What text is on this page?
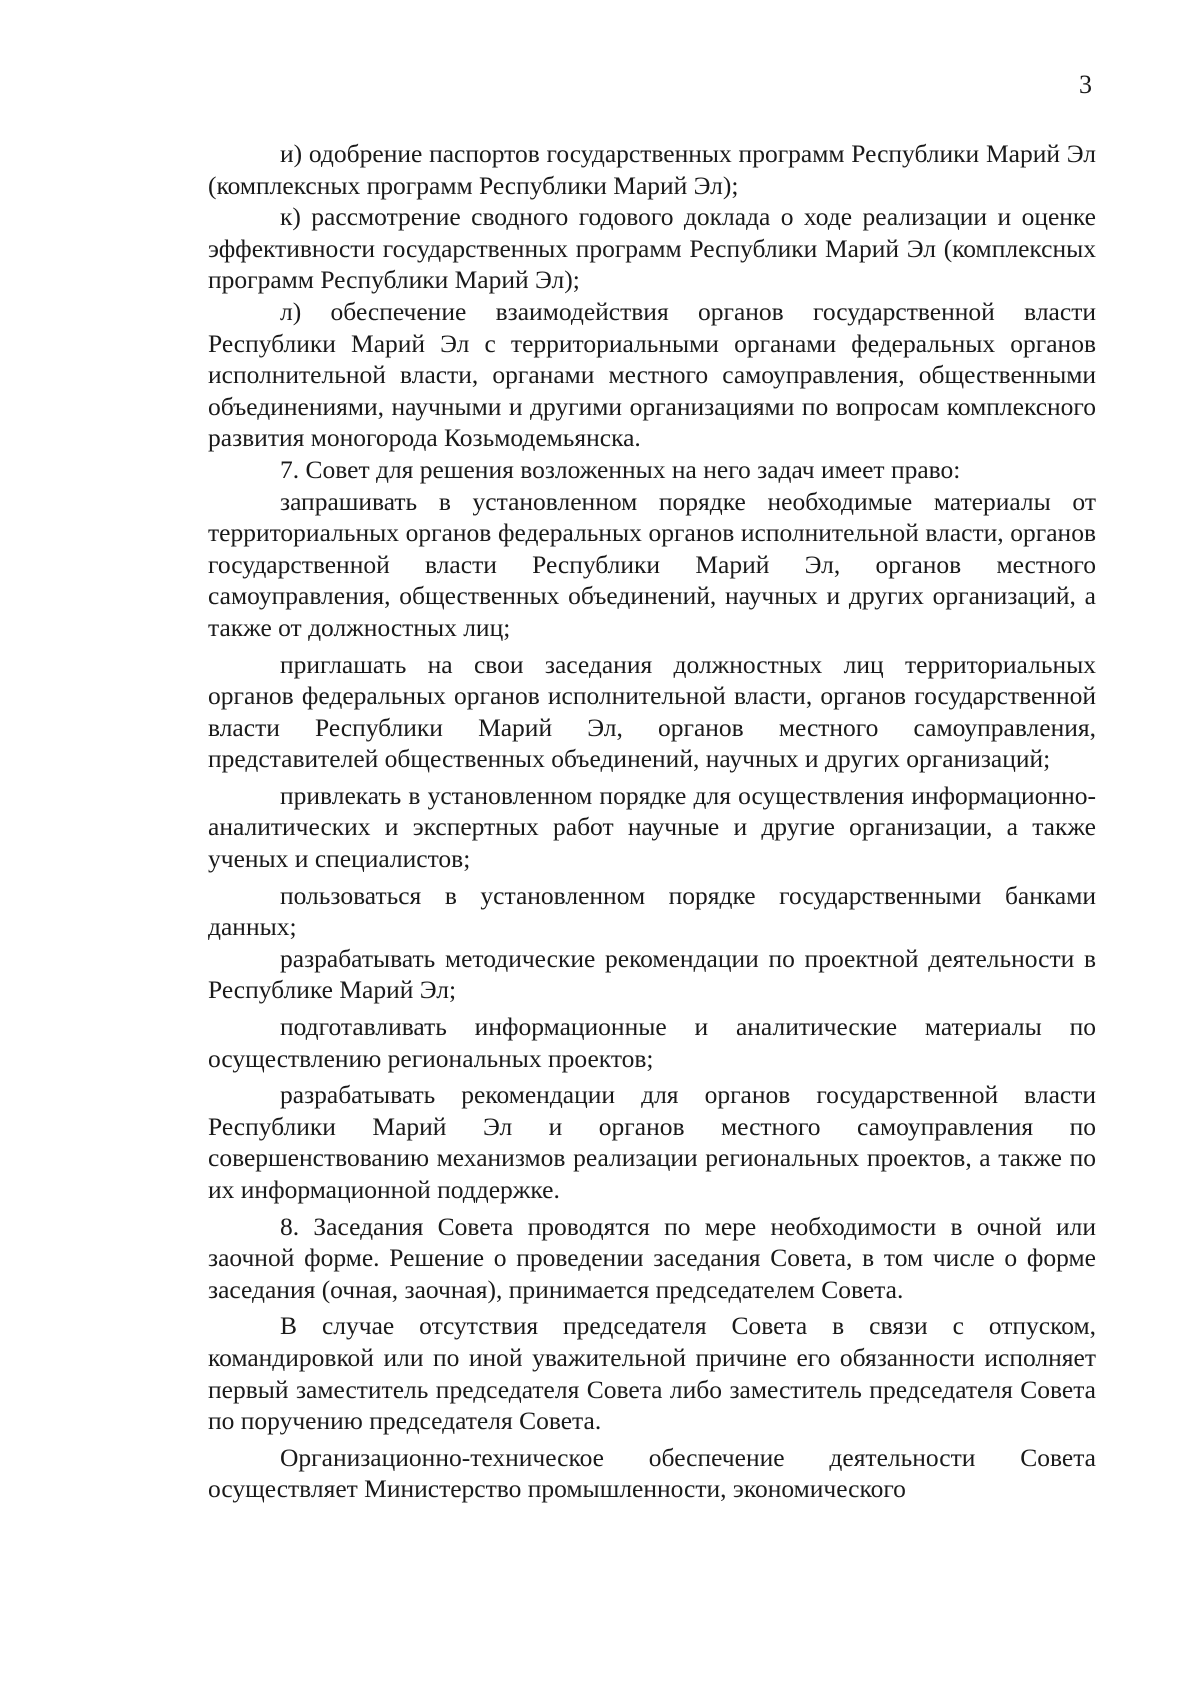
3

и) одобрение паспортов государственных программ Республики Марий Эл (комплексных программ Республики Марий Эл);

к) рассмотрение сводного годового доклада о ходе реализации и оценке эффективности государственных программ Республики Марий Эл (комплексных программ Республики Марий Эл);

л) обеспечение взаимодействия органов государственной власти Республики Марий Эл с территориальными органами федеральных органов исполнительной власти, органами местного самоуправления, общественными объединениями, научными и другими организациями по вопросам комплексного развития моногорода Козьмодемьянска.

7. Совет для решения возложенных на него задач имеет право:

запрашивать в установленном порядке необходимые материалы от территориальных органов федеральных органов исполнительной власти, органов государственной власти Республики Марий Эл, органов местного самоуправления, общественных объединений, научных и других организаций, а также от должностных лиц;

приглашать на свои заседания должностных лиц территориальных органов федеральных органов исполнительной власти, органов государственной власти Республики Марий Эл, органов местного самоуправления, представителей общественных объединений, научных и других организаций;

привлекать в установленном порядке для осуществления информационно-аналитических и экспертных работ научные и другие организации, а также ученых и специалистов;

пользоваться в установленном порядке государственными банками данных;

разрабатывать методические рекомендации по проектной деятельности в Республике Марий Эл;

подготавливать информационные и аналитические материалы по осуществлению региональных проектов;

разрабатывать рекомендации для органов государственной власти Республики Марий Эл и органов местного самоуправления по совершенствованию механизмов реализации региональных проектов, а также по их информационной поддержке.

8. Заседания Совета проводятся по мере необходимости в очной или заочной форме. Решение о проведении заседания Совета, в том числе о форме заседания (очная, заочная), принимается председателем Совета.

В случае отсутствия председателя Совета в связи с отпуском, командировкой или по иной уважительной причине его обязанности исполняет первый заместитель председателя Совета либо заместитель председателя Совета по поручению председателя Совета.

Организационно-техническое обеспечение деятельности Совета осуществляет Министерство промышленности, экономического
